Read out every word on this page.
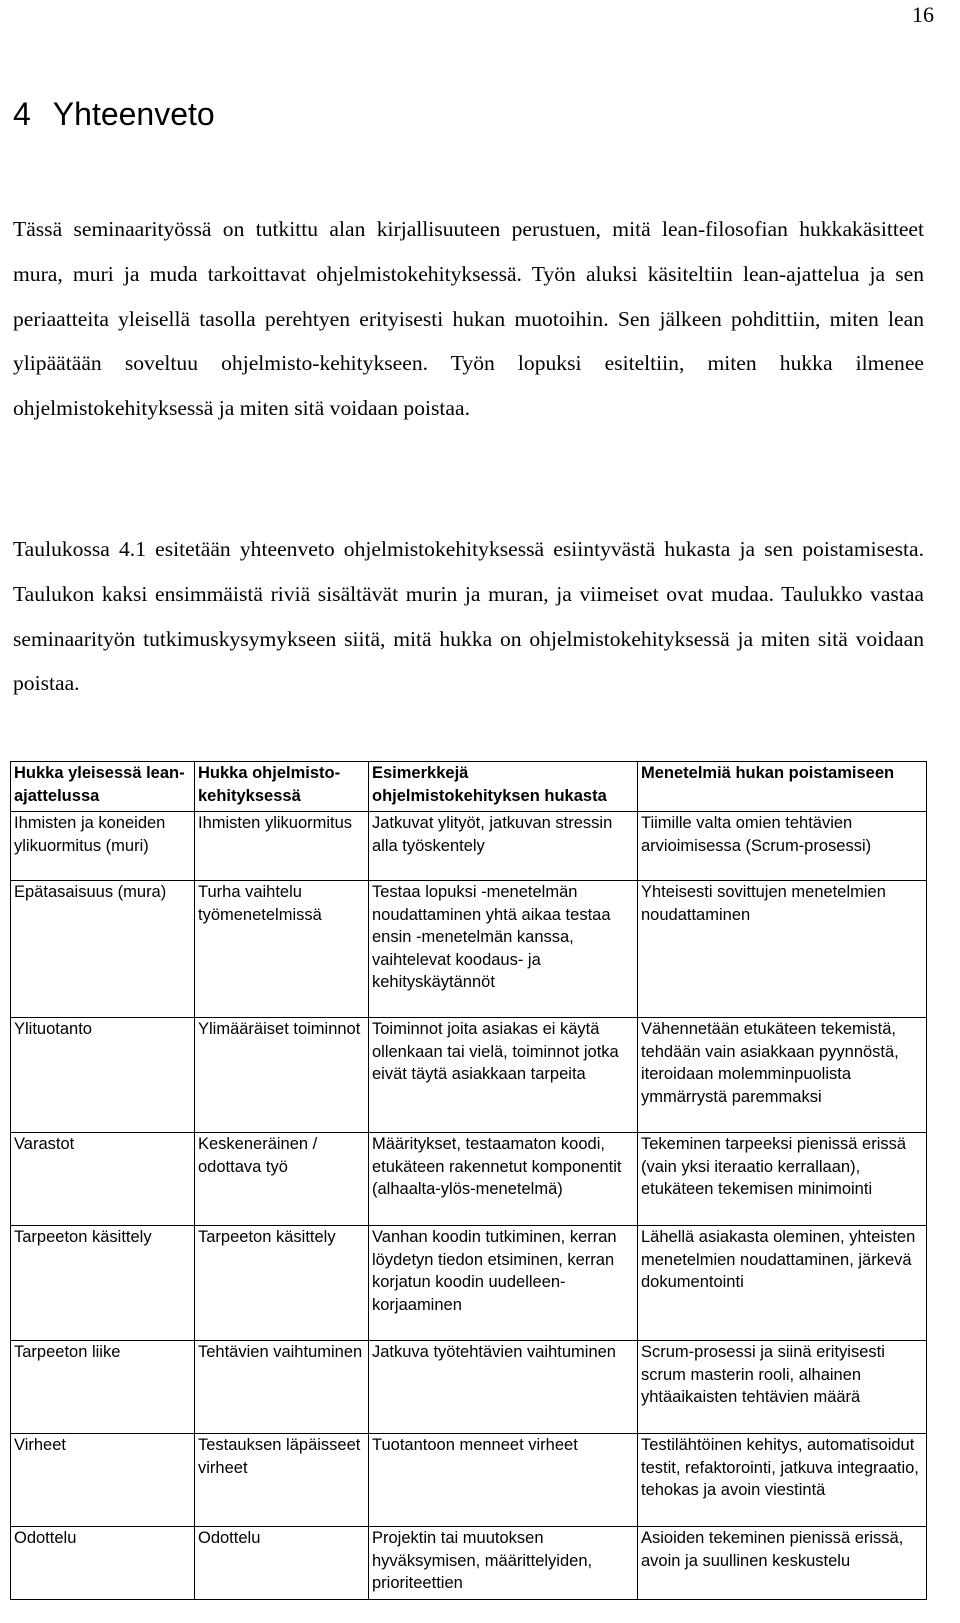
16
4 Yhteenveto

Tässä seminaarityössä on tutkittu alan kirjallisuuteen perustuen, mitä lean-filosofian hukkakäsitteet mura, muri ja muda tarkoittavat ohjelmistokehityksessä. Työn aluksi käsiteltiin lean-ajattelua ja sen periaatteita yleisellä tasolla perehtyen erityisesti hukan muotoihin. Sen jälkeen pohdittiin, miten lean ylipäätään soveltuu ohjelmisto-kehitykseen. Työn lopuksi esiteltiin, miten hukka ilmenee ohjelmistokehityksessä ja miten sitä voidaan poistaa.

Taulukossa 4.1 esitetään yhteenveto ohjelmistokehityksessä esiintyvästä hukasta ja sen poistamisesta. Taulukon kaksi ensimmäistä riviä sisältävät murin ja muran, ja viimeiset ovat mudaa. Taulukko vastaa seminaarityön tutkimuskysymykseen siitä, mitä hukka on ohjelmistokehityksessä ja miten sitä voidaan poistaa.

Hukka yleisessä lean-ajattelussa	Hukka ohjelmisto-kehityksessä	Esimerkkejä ohjelmistokehityksen hukasta	Menetelmiä hukan poistamiseen
Ihmisten ja koneiden ylikuormitus (muri)	Ihmisten ylikuormitus	Jatkuvat ylityöt, jatkuvan stressin alla työskentely	Tiimille valta omien tehtävien arvioimisessa (Scrum-prosessi)
Epätasaisuus (mura)	Turha vaihtelu työmenetelmissä	Testaa lopuksi -menetelmän noudattaminen yhtä aikaa testaa ensin -menetelmän kanssa, vaihtelevat koodaus- ja kehityskäytännöt	Yhteisesti sovittujen menetelmien noudattaminen
Ylituotanto	Ylimääräiset toiminnot	Toiminnot joita asiakas ei käytä ollenkaan tai vielä, toiminnot jotka eivät täytä asiakkaan tarpeita	Vähennetään etukäteen tekemistä, tehdään vain asiakkaan pyynnöstä, iteroidaan molemminpuolista ymmärrystä paremmaksi
Varastot	Keskeneräinen / odottava työ	Määritykset, testaamaton koodi, etukäteen rakennetut komponentit (alhaalta-ylös-menetelmä)	Tekeminen tarpeeksi pienissä erissä (vain yksi iteraatio kerrallaan), etukäteen tekemisen minimointi
Tarpeeton käsittely	Tarpeeton käsittely	Vanhan koodin tutkiminen, kerran löydetyn tiedon etsiminen, kerran korjatun koodin uudelleen-korjaaminen	Lähellä asiakasta oleminen, yhteisten menetelmien noudattaminen, järkevä dokumentointi
Tarpeeton liike	Tehtävien vaihtuminen	Jatkuva työtehtävien vaihtuminen	Scrum-prosessi ja siinä erityisesti scrum masterin rooli, alhainen yhtäaikaisten tehtävien määrä
Virheet	Testauksen läpäisseet virheet	Tuotantoon menneet virheet	Testilähtöinen kehitys, automatisoidut testit, refaktorointi, jatkuva integraatio, tehokas ja avoin viestintä
Odottelu	Odottelu	Projektin tai muutoksen hyväksymisen, määrittelyiden, prioriteettien	Asioiden tekeminen pienissä erissä, avoin ja suullinen keskustelu
